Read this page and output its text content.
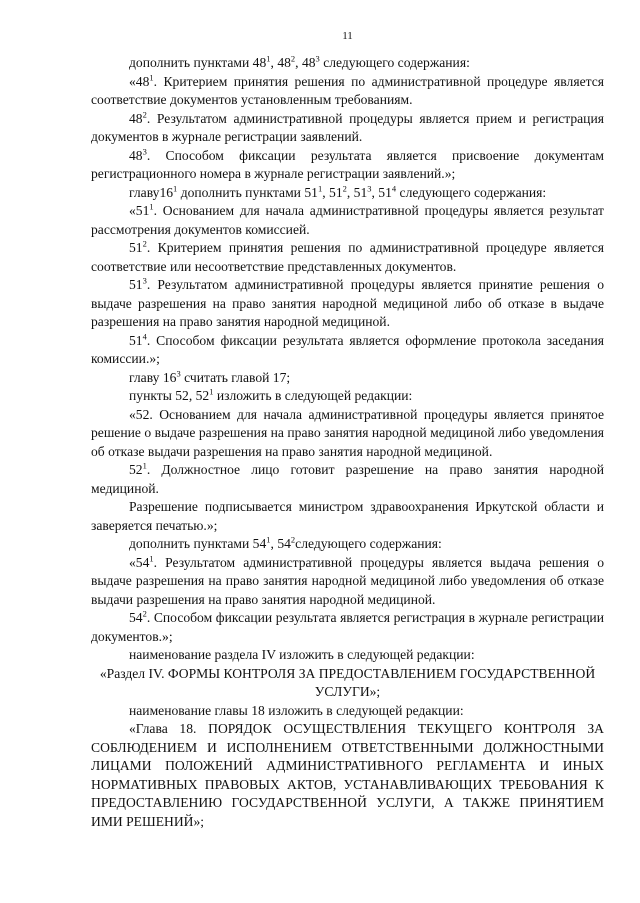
11

дополнить пунктами $48^1$, $48^2$, $48^3$ следующего содержания:

«$48^1$. Критерием принятия решения по административной процедуре является соответствие документов установленным требованиям.

$48^2$. Результатом административной процедуры является прием и регистрация документов в журнале регистрации заявлений.

$48^3$. Способом фиксации результата является присвоение документам регистрационного номера в журнале регистрации заявлений.»;

$главу16^1$ дополнить пунктами $51^1$, $51^2$, $51^3$, $51^4$ следующего содержания:

«$51^1$. Основанием для начала административной процедуры является результат рассмотрения документов комиссией.

$51^2$. Критерием принятия решения по административной процедуре является соответствие или несоответствие представленных документов.

$51^3$. Результатом административной процедуры является принятие решения о выдаче разрешения на право занятия народной медициной либо об отказе в выдаче разрешения на право занятия народной медициной.

$51^4$. Способом фиксации результата является оформление протокола заседания комиссии.»;

главу $16^3$ считать главой 17;

пункты 52, $52^1$ изложить в следующей редакции:

«52. Основанием для начала административной процедуры является принятое решение о выдаче разрешения на право занятия народной медициной либо уведомления об отказе выдачи разрешения на право занятия народной медициной.

$52^1$. Должностное лицо готовит разрешение на право занятия народной медициной.

Разрешение подписывается министром здравоохранения Иркутской области и заверяется печатью.»;

дополнить пунктами $54^1$, $54^2следующего$ содержания:

«$54^1$. Результатом административной процедуры является выдача решения о выдаче разрешения на право занятия народной медициной либо уведомления об отказе выдачи разрешения на право занятия народной медициной.

$54^2$. Способом фиксации результата является регистрация в журнале регистрации документов.»;

наименование раздела IV изложить в следующей редакции:

«Раздел IV. ФОРМЫ КОНТРОЛЯ ЗА ПРЕДОСТАВЛЕНИЕМ ГОСУДАРСТВЕННОЙ УСЛУГИ»;

наименование главы 18 изложить в следующей редакции:

«Глава 18. ПОРЯДОК ОСУЩЕСТВЛЕНИЯ ТЕКУЩЕГО КОНТРОЛЯ ЗА СОБЛЮДЕНИЕМ И ИСПОЛНЕНИЕМ ОТВЕТСТВЕННЫМИ ДОЛЖНОСТНЫМИ ЛИЦАМИ ПОЛОЖЕНИЙ АДМИНИСТРАТИВНОГО РЕГЛАМЕНТА И ИНЫХ НОРМАТИВНЫХ ПРАВОВЫХ АКТОВ, УСТАНАВЛИВАЮЩИХ ТРЕБОВАНИЯ К ПРЕДОСТАВЛЕНИЮ ГОСУДАРСТВЕННОЙ УСЛУГИ, А ТАКЖЕ ПРИНЯТИЕМ ИМИ РЕШЕНИЙ»;
